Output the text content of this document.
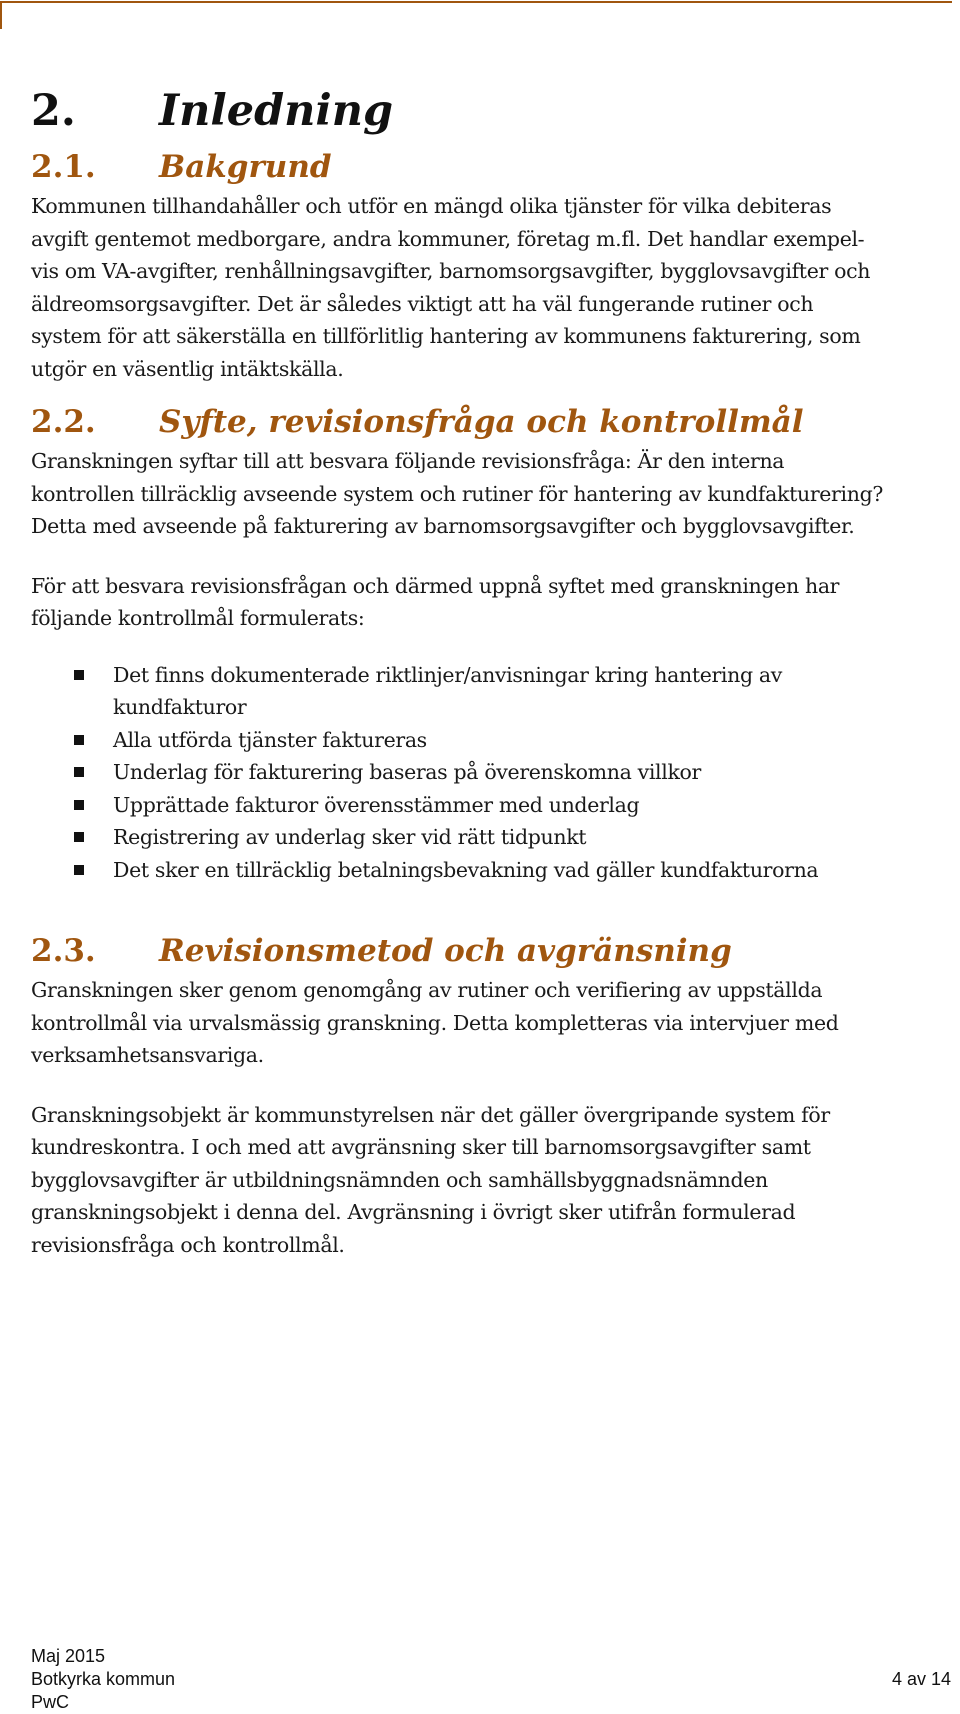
2. Inledning
2.1. Bakgrund

Kommunen tillhandahåller och utför en mängd olika tjänster för vilka debiteras

avgift gentemot medborgare, andra kommuner, företag m.fl. Det handlar exempel-

vis om VA-avgifter, renhållningsavgifter, barnomsorgsavgifter, bygglovsavgifter och

äldreomsorgsavgifter. Det är således viktigt att ha väl fungerande rutiner och

system för att säkerställa en tillförlitlig hantering av kommunens fakturering, som

utgör en väsentlig intäktskälla.

2.2. Syfte, revisionsfråga och kontrollmål

Granskningen syftar till att besvara följande revisionsfråga: Är den interna

kontrollen tillräcklig avseende system och rutiner för hantering av kundfakturering?

Detta med avseende på fakturering av barnomsorgsavgifter och bygglovsavgifter.

För att besvara revisionsfrågan och därmed uppnå syftet med granskningen har

följande kontrollmål formulerats:

Det finns dokumenterade riktlinjer/anvisningar kring hantering av
kundfakturor
Alla utförda tjänster faktureras
Underlag för fakturering baseras på överenskomna villkor
Upprättade fakturor överensstämmer med underlag
Registrering av underlag sker vid rätt tidpunkt
Det sker en tillräcklig betalningsbevakning vad gäller kundfakturorna
2.3. Revisionsmetod och avgränsning

Granskningen sker genom genomgång av rutiner och verifiering av uppställda

kontrollmål via urvalsmässig granskning. Detta kompletteras via intervjuer med

verksamhetsansvariga.

Granskningsobjekt är kommunstyrelsen när det gäller övergripande system för

kundreskontra. I och med att avgränsning sker till barnomsorgsavgifter samt

bygglovsavgifter är utbildningsnämnden och samhällsbyggnadsnämnden

granskningsobjekt i denna del. Avgränsning i övrigt sker utifrån formulerad

revisionsfråga och kontrollmål.

Maj 2015
Botkyrka kommun
PwC
4 av 14
